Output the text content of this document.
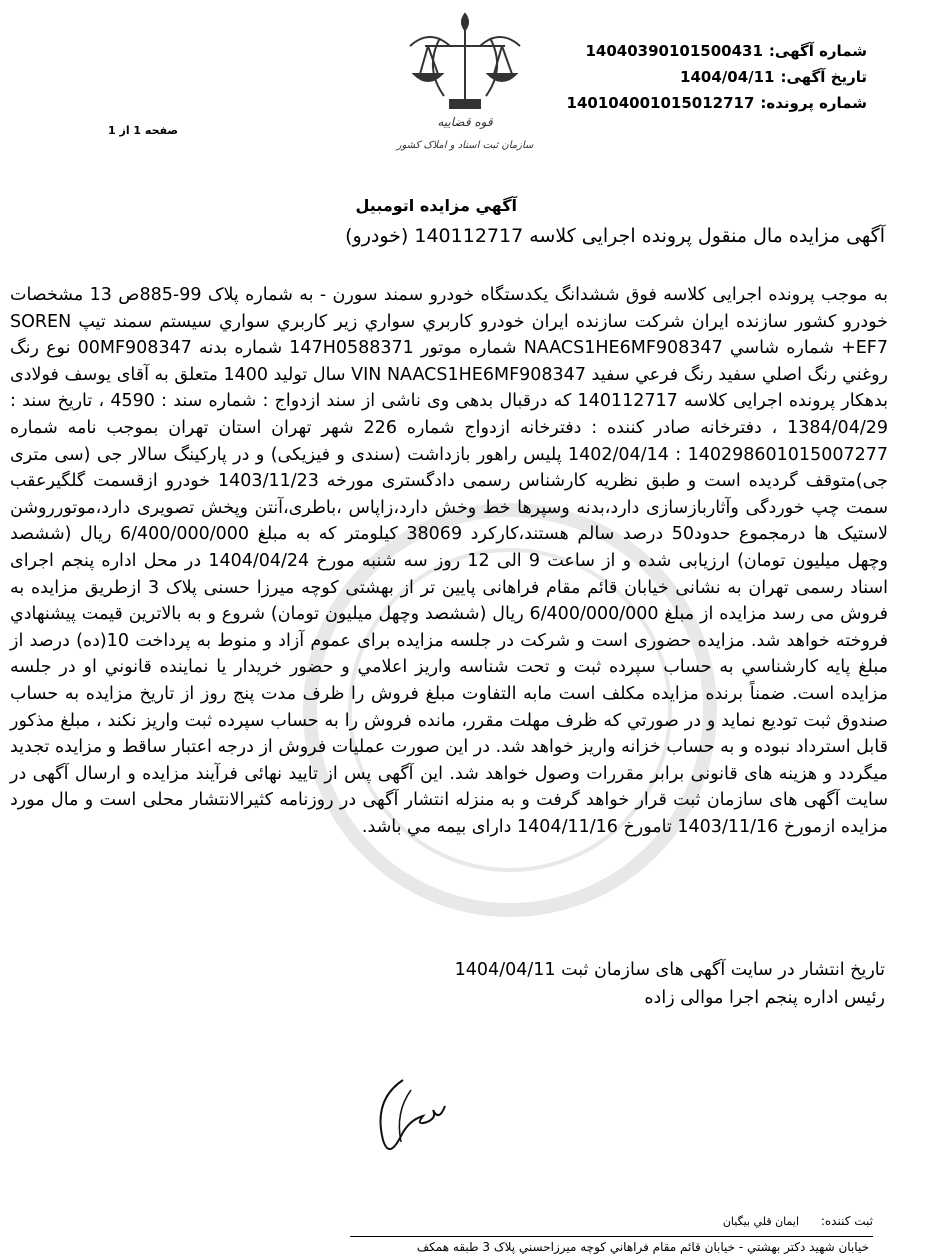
قوه قضاییه
سازمان ثبت اسناد و املاک کشور
شماره آگهی:14040390101500431
تاریخ آگهی:1404/04/11
شماره پرونده:140104001015012717
صفحه 1 از 1
آگهي مزايده اتومبيل
آگهی مزایده مال منقول پرونده اجرایی کلاسه 140112717 (خودرو)

به موجب پرونده اجرايی کلاسه فوق ششدانگ يکدستگاه خودرو سمند سورن - به شماره پلاک 99-885ص 13 مشخصات خودرو کشور سازنده ايران شرکت سازنده ايران خودرو کاربري سواري زير کاربري سواري سيستم سمند تيپ SOREN EF7+ شماره شاسي NAACS1HE6MF908347 شماره موتور 147H0588371 شماره بدنه 00MF908347 نوع رنگ روغني رنگ اصلي سفيد رنگ فرعي سفيد VIN NAACS1HE6MF908347 سال توليد 1400 متعلق به آقای یوسف فولادی بدهکار پرونده اجرایی کلاسه 140112717 که درقبال بدهی وی ناشی از سند ازدواج : شماره سند : 4590 ، تاریخ سند : 1384/04/29 ، دفترخانه صادر کننده : دفترخانه ازدواج شماره 226 شهر تهران استان تهران بموجب نامه شماره 140298601015007277 : 1402/04/14 پلیس راهور بازداشت (سندی و فیزیکی) و در پارکینگ سالار جی (سی متری جی)متوقف گردیده است و طبق نظریه کارشناس رسمی دادگستری مورخه 1403/11/23 خودرو ازقسمت گلگیرعقب سمت چپ خوردگی وآثاربازسازی دارد،بدنه وسپرها خط وخش دارد،زاپاس ،باطری،آنتن وپخش تصویری دارد،موتورروشن لاستیک ها درمجموع حدود50 درصد سالم هستند،کارکرد 38069 کیلومتر که به مبلغ 6/400/000/000 ريال (ششصد وچهل میلیون تومان) ارزیابی شده و از ساعت 9 الی 12 روز سه شنبه مورخ 1404/04/24 در محل اداره پنجم اجرای اسناد رسمی تهران به نشانی خیابان قائم مقام فراهانی پایین تر از بهشتی کوچه میرزا حسنی پلاک 3 ازطريق مزايده به فروش می رسد مزايده از مبلغ 6/400/000/000 ريال (ششصد وچهل میلیون تومان) شروع و به بالاترين قيمت پيشنهادي فروخته خواهد شد. مزایده حضوری است و شرکت در جلسه مزایده برای عموم آزاد و منوط به پرداخت 10(ده) درصد از مبلغ پايه كارشناسي به حساب سپرده ثبت و تحت شناسه واريز اعلامي و حضور خريدار يا نماينده قانوني او در جلسه مزايده است. ضمناً برنده مزايده مكلف است مابه التفاوت مبلغ فروش را ظرف مدت پنج روز از تاريخ مزايده به حساب صندوق ثبت توديع نمايد و در صورتي كه ظرف مهلت مقرر، مانده فروش را به حساب سپرده ثبت واريز نكند ، مبلغ مذكور قابل استرداد نبوده و به حساب خزانه واريز خواهد شد. در این صورت عملیات فروش از درجه اعتبار ساقط و مزایده تجدید میگردد و هزينه های قانونی برابر مقررات وصول خواهد شد. این آگهی پس از تایید نهائی فرآیند مزایده و ارسال آگهی در سایت آگهی های سازمان ثبت قرار خواهد گرفت و به منزله انتشار آگهی در روزنامه کثیرالانتشار محلی است و مال مورد مزایده ازمورخ 1403/11/16 تامورخ 1404/11/16 دارای بیمه مي باشد.

تاریخ انتشار در سایت آگهی های سازمان ثبت 1404/04/11
رئیس اداره پنجم اجرا موالی زاده
ثبت کننده: ايمان قلي بيگيان
خيابان شهيد دكتر بهشتي - خيابان قائم مقام فراهاني كوچه ميرزاحسني پلاک 3 طبقه همكف
